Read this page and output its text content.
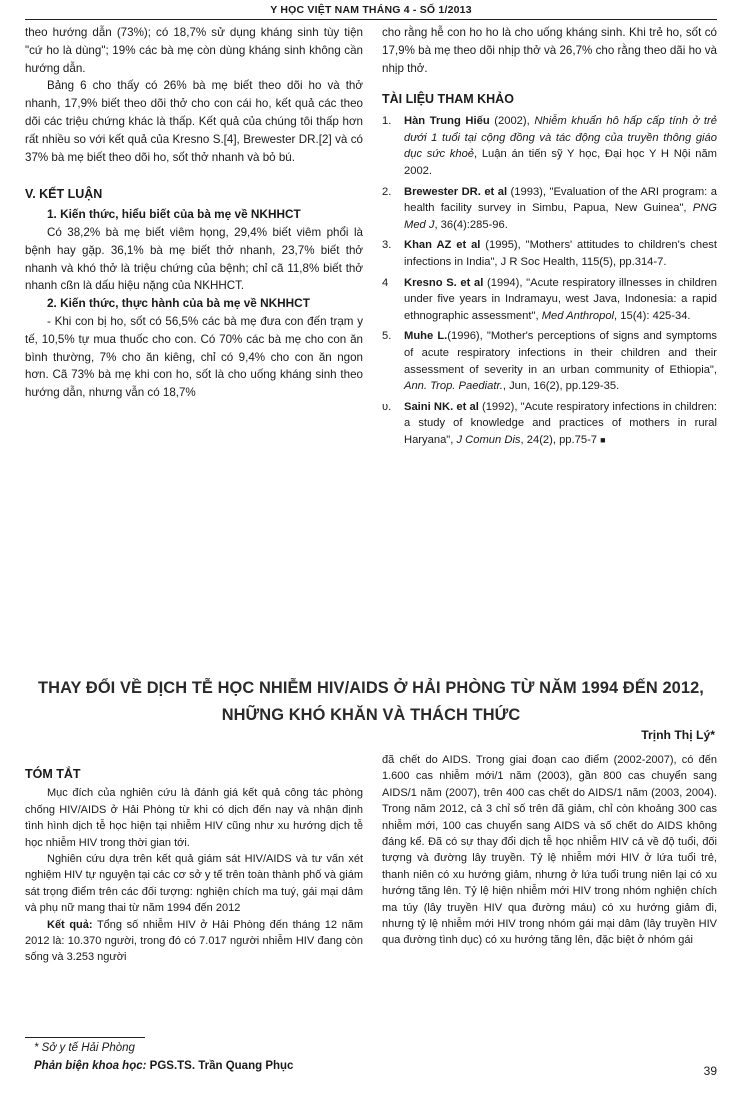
Y HỌC VIỆT NAM THÁNG 4 - SỐ 1/2013

theo hướng dẫn (73%); có 18,7% sử dụng kháng sinh tùy tiện "cứ ho là dùng"; 19% các bà mẹ còn dùng kháng sinh không cần hướng dẫn.

Bảng 6 cho thấy có 26% bà mẹ biết theo dõi ho và thở nhanh, 17,9% biết theo dõi thở cho con cái ho, kết quả các theo dõi các triệu chứng khác là thấp. Kết quả của chúng tôi thấp hơn rất nhiều so với kết quả của Kresno S.[4], Brewester DR.[2] và có 37% bà mẹ biết theo dõi ho, sốt thở nhanh và bỏ bú.

V. KẾT LUẬN

1. Kiến thức, hiểu biết của bà mẹ về NKHHCT

Có 38,2% bà mẹ biết viêm họng, 29,4% biết viêm phổi là bệnh hay gặp. 36,1% bà mẹ biết thở nhanh, 23,7% biết thở nhanh và khó thở là triệu chứng của bệnh; chỉ cã 11,8% biết thở nhanh cßn là dấu hiệu nặng của NKHHCT.

2. Kiến thức, thực hành của bà mẹ về NKHHCT

- Khi con bị ho, sốt có 56,5% các bà mẹ đưa con đến trạm y tế, 10,5% tự mua thuốc cho con. Có 70% các bà mẹ cho con ăn bình thường, 7% cho ăn kiêng, chỉ có 9,4% cho con ăn ngon hơn. Cã 73% bà mẹ khi con ho, sốt là cho uống kháng sinh theo hướng dẫn, nhưng vẫn có 18,7%

cho rằng hễ con ho ho là cho uống kháng sinh. Khi trẻ ho, sốt có 17,9% bà mẹ theo dõi nhịp thở và 26,7% cho rằng theo dãi ho và nhịp thở.

TÀI LIỆU THAM KHẢO
1. Hàn Trung Hiếu (2002), Nhiễm khuẩn hô hấp cấp tính ở trẻ dưới 1 tuổi tại cộng đồng và tác động của truyền thông giáo dục sức khoẻ, Luận án tiến sỹ Y học, Đại học Y H Nội năm 2002.
2. Brewester DR. et al (1993), "Evaluation of the ARI program: a health facility survey in Simbu, Papua, New Guinea", PNG Med J, 36(4):285-96.
3. Khan AZ et al (1995), "Mothers' attitudes to children's chest infections in India", J R Soc Health, 115(5), pp.314-7.
4 Kresno S. et al (1994), "Acute respiratory illnesses in children under five years in Indramayu, west Java, Indonesia: a rapid ethnographic assessment", Med Anthropol, 15(4): 425-34.
5. Muhe L.(1996), "Mother's perceptions of signs and symptoms of acute respiratory infections in their children and their assessment of severity in an urban community of Ethiopia", Ann. Trop. Paediatr., Jun, 16(2), pp.129-35.
υ. Saini NK. et al (1992), "Acute respiratory infections in children: a study of knowledge and practices of mothers in rural Haryana", J Comun Dis, 24(2), pp.75-7 ■
THAY ĐỔI VỀ DỊCH TỄ HỌC NHIỄM HIV/AIDS Ở HẢI PHÒNG TỪ NĂM 1994 ĐẾN 2012,
NHỮNG KHÓ KHĂN VÀ THÁCH THỨC
Trịnh Thị Lý*
TÓM TẮT

Mục đích của nghiên cứu là đánh giá kết quả công tác phòng chống HIV/AIDS ở Hải Phòng từ khi có dịch đến nay và nhận định tình hình dịch tễ học hiện tại nhiễm HIV cũng như xu hướng dịch tễ học nhiễm HIV trong thời gian tới.

Nghiên cứu dựa trên kết quả giám sát HIV/AIDS và tư vấn xét nghiệm HIV tự nguyện tại các cơ sở y tế trên toàn thành phố và giám sát trọng điểm trên các đối tượng: nghiện chích ma tuý, gái mại dâm và phụ nữ mang thai từ năm 1994 đến 2012

Kết quả: Tổng số nhiễm HIV ở Hải Phòng đến tháng 12 năm 2012 là: 10.370 người, trong đó có 7.017 người nhiễm HIV đang còn sống và 3.253 người

đã chết do AIDS. Trong giai đoạn cao điểm (2002-2007), có đến 1.600 cas nhiễm mới/1 năm (2003), gần 800 cas chuyển sang AIDS/1 năm (2007), trên 400 cas chết do AIDS/1 năm (2003, 2004). Trong năm 2012, cả 3 chỉ số trên đã giảm, chỉ còn khoảng 300 cas nhiễm mới, 100 cas chuyển sang AIDS và số chết do AIDS không đáng kể. Đã có sự thay đổi dịch tễ học nhiễm HIV cả về độ tuổi, đối tượng và đường lây truyền. Tỷ lệ nhiễm mới HIV ở lứa tuổi trẻ, thanh niên có xu hướng giảm, nhưng ở lứa tuổi trung niên lại có xu hướng tăng lên. Tỷ lệ hiện nhiễm mới HIV trong nhóm nghiện chích ma túy (lây truyền HIV qua đường máu) có xu hướng giảm đi, nhưng tỷ lệ nhiễm mới HIV trong nhóm gái mại dâm (lây truyền HIV qua đường tình dục) có xu hướng tăng lên, đặc biệt ở nhóm gái

* Sở y tế Hải Phòng
Phản biện khoa học: PGS.TS. Trần Quang Phục	39
